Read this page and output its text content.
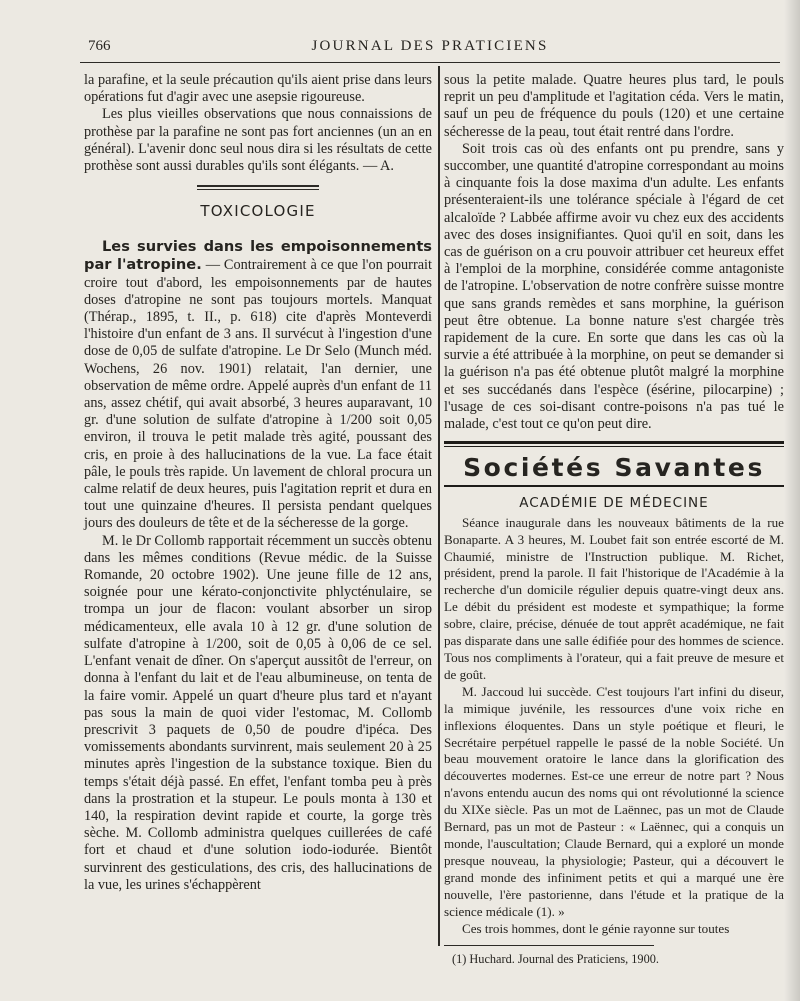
766	JOURNAL DES PRATICIENS

la parafine, et la seule précaution qu'ils aient prise dans leurs opérations fut d'agir avec une asepsie rigoureuse.

Les plus vieilles observations que nous connaissions de prothèse par la parafine ne sont pas fort anciennes (un an en général). L'avenir donc seul nous dira si les résultats de cette prothèse sont aussi durables qu'ils sont élégants. — A.

TOXICOLOGIE

Les survies dans les empoisonnements par l'atropine. — Contrairement à ce que l'on pourrait croire tout d'abord, les empoisonnements par de hautes doses d'atropine ne sont pas toujours mortels. Manquat (Thérap., 1895, t. II., p. 618) cite d'après Monteverdi l'histoire d'un enfant de 3 ans. Il survécut à l'ingestion d'une dose de 0,05 de sulfate d'atropine. Le Dr Selo (Munch méd. Wochens, 26 nov. 1901) relatait, l'an dernier, une observation de même ordre. Appelé auprès d'un enfant de 11 ans, assez chétif, qui avait absorbé, 3 heures auparavant, 10 gr. d'une solution de sulfate d'atropine à 1/200 soit 0,05 environ, il trouva le petit malade très agité, poussant des cris, en proie à des hallucinations de la vue. La face était pâle, le pouls très rapide. Un lavement de chloral procura un calme relatif de deux heures, puis l'agitation reprit et dura en tout une quinzaine d'heures. Il persista pendant quelques jours des douleurs de tête et de la sécheresse de la gorge.

M. le Dr Collomb rapportait récemment un succès obtenu dans les mêmes conditions (Revue médic. de la Suisse Romande, 20 octobre 1902). Une jeune fille de 12 ans, soignée pour une kérato-conjonctivite phlycténulaire, se trompa un jour de flacon: voulant absorber un sirop médicamenteux, elle avala 10 à 12 gr. d'une solution de sulfate d'atropine à 1/200, soit de 0,05 à 0,06 de ce sel. L'enfant venait de dîner. On s'aperçut aussitôt de l'erreur, on donna à l'enfant du lait et de l'eau albumineuse, on tenta de la faire vomir. Appelé un quart d'heure plus tard et n'ayant pas sous la main de quoi vider l'estomac, M. Collomb prescrivit 3 paquets de 0,50 de poudre d'ipéca. Des vomissements abondants survinrent, mais seulement 20 à 25 minutes après l'ingestion de la substance toxique. Bien du temps s'était déjà passé. En effet, l'enfant tomba peu à près dans la prostration et la stupeur. Le pouls monta à 130 et 140, la respiration devint rapide et courte, la gorge très sèche. M. Collomb administra quelques cuillerées de café fort et chaud et d'une solution iodo-iodurée. Bientôt survinrent des gesticulations, des cris, des hallucinations de la vue, les urines s'échappèrent

sous la petite malade. Quatre heures plus tard, le pouls reprit un peu d'amplitude et l'agitation céda. Vers le matin, sauf un peu de fréquence du pouls (120) et une certaine sécheresse de la peau, tout était rentré dans l'ordre.

Soit trois cas où des enfants ont pu prendre, sans y succomber, une quantité d'atropine correspondant au moins à cinquante fois la dose maxima d'un adulte. Les enfants présenteraient-ils une tolérance spéciale à l'égard de cet alcaloïde ? Labbée affirme avoir vu chez eux des accidents avec des doses insignifiantes. Quoi qu'il en soit, dans les cas de guérison on a cru pouvoir attribuer cet heureux effet à l'emploi de la morphine, considérée comme antagoniste de l'atropine. L'observation de notre confrère suisse montre que sans grands remèdes et sans morphine, la guérison peut être obtenue. La bonne nature s'est chargée très rapidement de la cure. En sorte que dans les cas où la survie a été attribuée à la morphine, on peut se demander si la guérison n'a pas été obtenue plutôt malgré la morphine et ses succédanés dans l'espèce (ésérine, pilocarpine) ; l'usage de ces soi-disant contre-poisons n'a pas tué le malade, c'est tout ce qu'on peut dire.

Sociétés Savantes
ACADÉMIE DE MÉDECINE

Séance inaugurale dans les nouveaux bâtiments de la rue Bonaparte. A 3 heures, M. Loubet fait son entrée escorté de M. Chaumié, ministre de l'Instruction publique. M. Richet, président, prend la parole. Il fait l'historique de l'Académie à la recherche d'un domicile régulier depuis quatre-vingt deux ans. Le débit du président est modeste et sympathique; la forme sobre, claire, précise, dénuée de tout apprêt académique, ne fait pas disparate dans une salle édifiée pour des hommes de science. Tous nos compliments à l'orateur, qui a fait preuve de mesure et de goût.

M. Jaccoud lui succède. C'est toujours l'art infini du diseur, la mimique juvénile, les ressources d'une voix riche en inflexions éloquentes. Dans un style poétique et fleuri, le Secrétaire perpétuel rappelle le passé de la noble Société. Un beau mouvement oratoire le lance dans la glorification des découvertes modernes. Est-ce une erreur de notre part ? Nous n'avons entendu aucun des noms qui ont révolutionné la science du XIXe siècle. Pas un mot de Laënnec, pas un mot de Claude Bernard, pas un mot de Pasteur : « Laënnec, qui a conquis un monde, l'auscultation; Claude Bernard, qui a exploré un monde presque nouveau, la physiologie; Pasteur, qui a découvert le grand monde des infiniment petits et qui a marqué une ère nouvelle, l'ère pastorienne, dans l'étude et la pratique de la science médicale (1). »

Ces trois hommes, dont le génie rayonne sur toutes

(1) Huchard. Journal des Praticiens, 1900.
